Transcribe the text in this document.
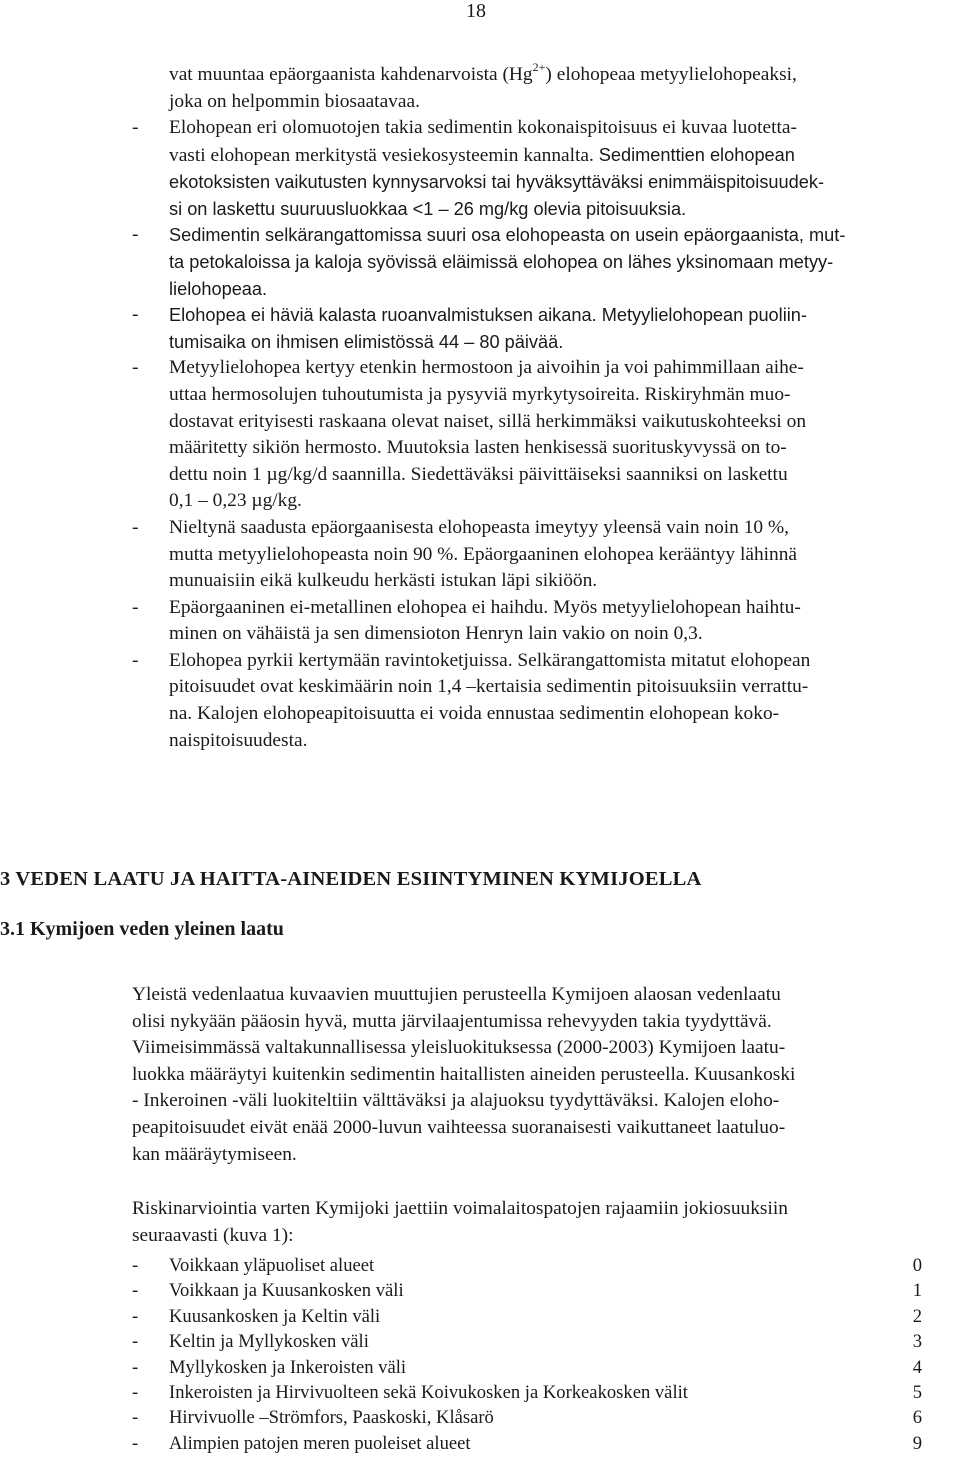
18
vat muuntaa epäorgaanista kahdenarvoista $(Hg^{2+})$ elohopeaa metyylielohopeaksi,
joka on helpommin biosaatavaa.
- Elohopean eri olomuotojen takia sedimentin kokonaispitoisuus ei kuvaa luotetta-
vasti elohopean merkitystä vesiekosysteemin kannalta. Sedimenttien elohopean
ekotoksisten vaikutusten kynnysarvoksi tai hyväksyttäväksi enimmäispitoisuudek-
si on laskettu suuruusluokkaa <1 – 26 mg/kg olevia pitoisuuksia.
- Sedimentin selkärangattomissa suuri osa elohopeasta on usein epäorgaanista, mut-
ta petokaloissa ja kaloja syövissä eläimissä elohopea on lähes yksinomaan metyy-
lielohopeaa.
- Elohopea ei häviä kalasta ruoanvalmistuksen aikana. Metyylielohopean puoliin-
tumisaika on ihmisen elimistössä 44 – 80 päivää.
- Metyylielohopea kertyy etenkin hermostoon ja aivoihin ja voi pahimmillaan aihe-
uttaa hermosolujen tuhoutumista ja pysyviä myrkytysoireita. Riskiryhmän muo-
dostavat erityisesti raskaana olevat naiset, sillä herkimmäksi vaikutuskohteeksi on
määritetty sikiön hermosto. Muutoksia lasten henkisessä suorituskyvyssä on to-
dettu noin 1 µg/kg/d saannilla. Siedettäväksi päivittäiseksi saanniksi on laskettu
0,1 – 0,23 µg/kg.
- Nieltynä saadusta epäorgaanisesta elohopeasta imeytyy yleensä vain noin 10 %,
mutta metyylielohopeasta noin 90 %. Epäorgaaninen elohopea kerääntyy lähinnä
munuaisiin eikä kulkeudu herkästi istukan läpi sikiöön.
- Epäorgaaninen ei-metallinen elohopea ei haihdu. Myös metyylielohopean haihtu-
minen on vähäistä ja sen dimensioton Henryn lain vakio on noin 0,3.
- Elohopea pyrkii kertymään ravintoketjuissa. Selkärangattomista mitatut elohopean
pitoisuudet ovat keskimäärin noin 1,4 –kertaisia sedimentin pitoisuuksiin verrattu-
na. Kalojen elohopeapitoisuutta ei voida ennustaa sedimentin elohopean koko-
naispitoisuudesta.
3 VEDEN LAATU JA HAITTA-AINEIDEN ESIINTYMINEN KYMIJOELLA
3.1 Kymijoen veden yleinen laatu
Yleistä vedenlaatua kuvaavien muuttujien perusteella Kymijoen alaosan vedenlaatu
olisi nykyään pääosin hyvä, mutta järvilaajentumissa rehevyyden takia tyydyttävä.
Viimeisimmässä valtakunnallisessa yleisluokituksessa (2000-2003) Kymijoen laatu-
luokka määräytyi kuitenkin sedimentin haitallisten aineiden perusteella. Kuusankoski
- Inkeroinen -väli luokiteltiin välttäväksi ja alajuoksu tyydyttäväksi. Kalojen eloho-
peapitoisuudet eivät enää 2000-luvun vaihteessa suoranaisesti vaikuttaneet laatuluo-
kan määräytymiseen.
Riskinarviointia varten Kymijoki jaettiin voimalaitospatojen rajaamiin jokiosuuksiin
seuraavasti (kuva 1):
- Voikkaan yläpuoliset alueet	0
- Voikkaan ja Kuusankosken väli	1
- Kuusankosken ja Keltin väli	2
- Keltin ja Myllykosken väli	3
- Myllykosken ja Inkeroisten väli	4
- Inkeroisten ja Hirvivuolteen sekä Koivukosken ja Korkeakosken välit	5
- Hirvivuolle –Strömfors, Paaskoski, Klåsarö	6
- Alimpien patojen meren puoleiset alueet	9
